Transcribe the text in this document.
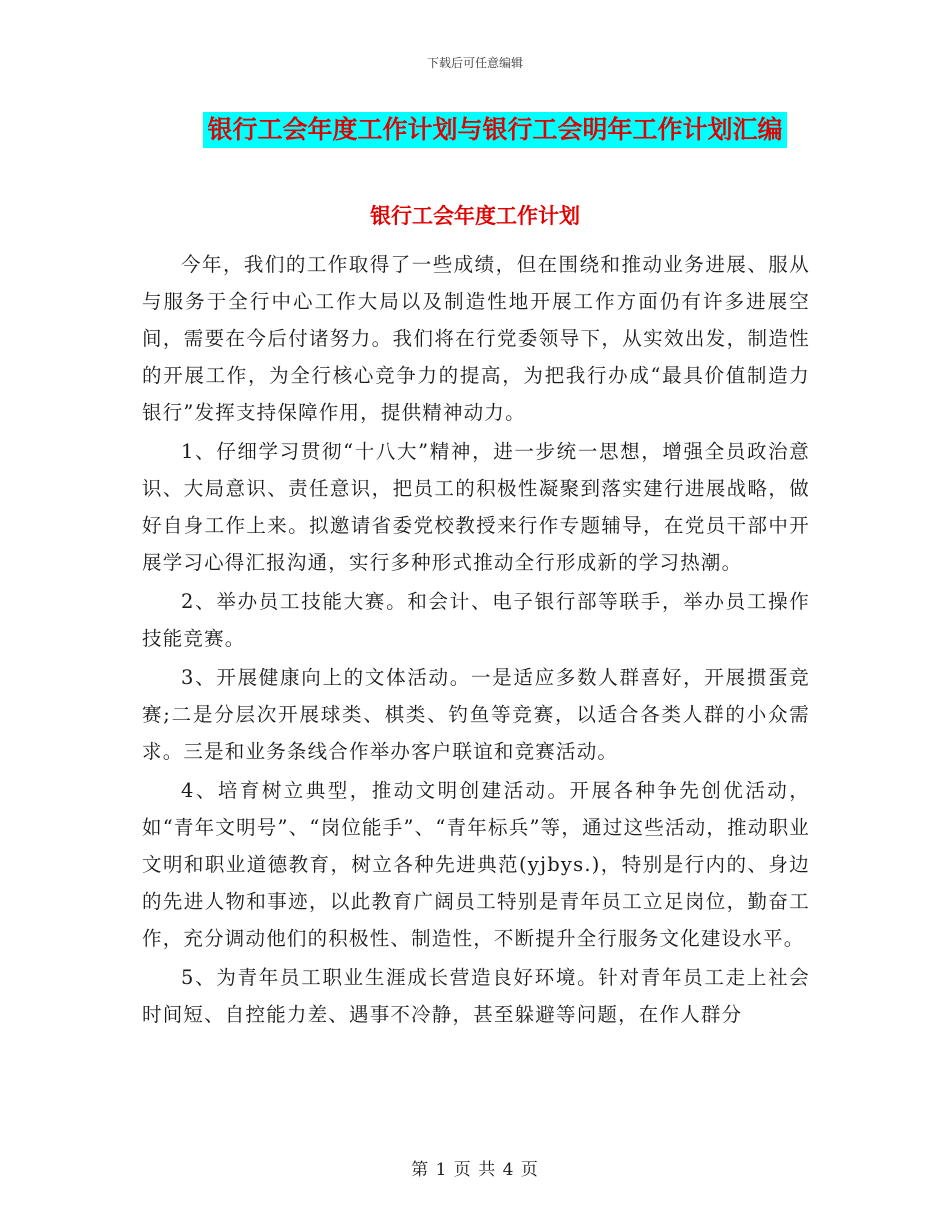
下载后可任意编辑
银行工会年度工作计划与银行工会明年工作计划汇编
银行工会年度工作计划

今年，我们的工作取得了一些成绩，但在围绕和推动业务进展、服从与服务于全行中心工作大局以及制造性地开展工作方面仍有许多进展空间，需要在今后付诸努力。我们将在行党委领导下，从实效出发，制造性的开展工作，为全行核心竞争力的提高，为把我行办成“最具价值制造力银行”发挥支持保障作用，提供精神动力。

1、仔细学习贯彻“十八大”精神，进一步统一思想，增强全员政治意识、大局意识、责任意识，把员工的积极性凝聚到落实建行进展战略，做好自身工作上来。拟邀请省委党校教授来行作专题辅导，在党员干部中开展学习心得汇报沟通，实行多种形式推动全行形成新的学习热潮。

2、举办员工技能大赛。和会计、电子银行部等联手，举办员工操作技能竞赛。

3、开展健康向上的文体活动。一是适应多数人群喜好，开展掼蛋竞赛;二是分层次开展球类、棋类、钓鱼等竞赛，以适合各类人群的小众需求。三是和业务条线合作举办客户联谊和竞赛活动。

4、培育树立典型，推动文明创建活动。开展各种争先创优活动，如“青年文明号”、“岗位能手”、“青年标兵”等，通过这些活动，推动职业文明和职业道德教育，树立各种先进典范(yjbys.)，特别是行内的、身边的先进人物和事迹，以此教育广阔员工特别是青年员工立足岗位，勤奋工作，充分调动他们的积极性、制造性，不断提升全行服务文化建设水平。

5、为青年员工职业生涯成长营造良好环境。针对青年员工走上社会时间短、自控能力差、遇事不冷静，甚至躲避等问题，在作人群分

第 1 页 共 4 页
